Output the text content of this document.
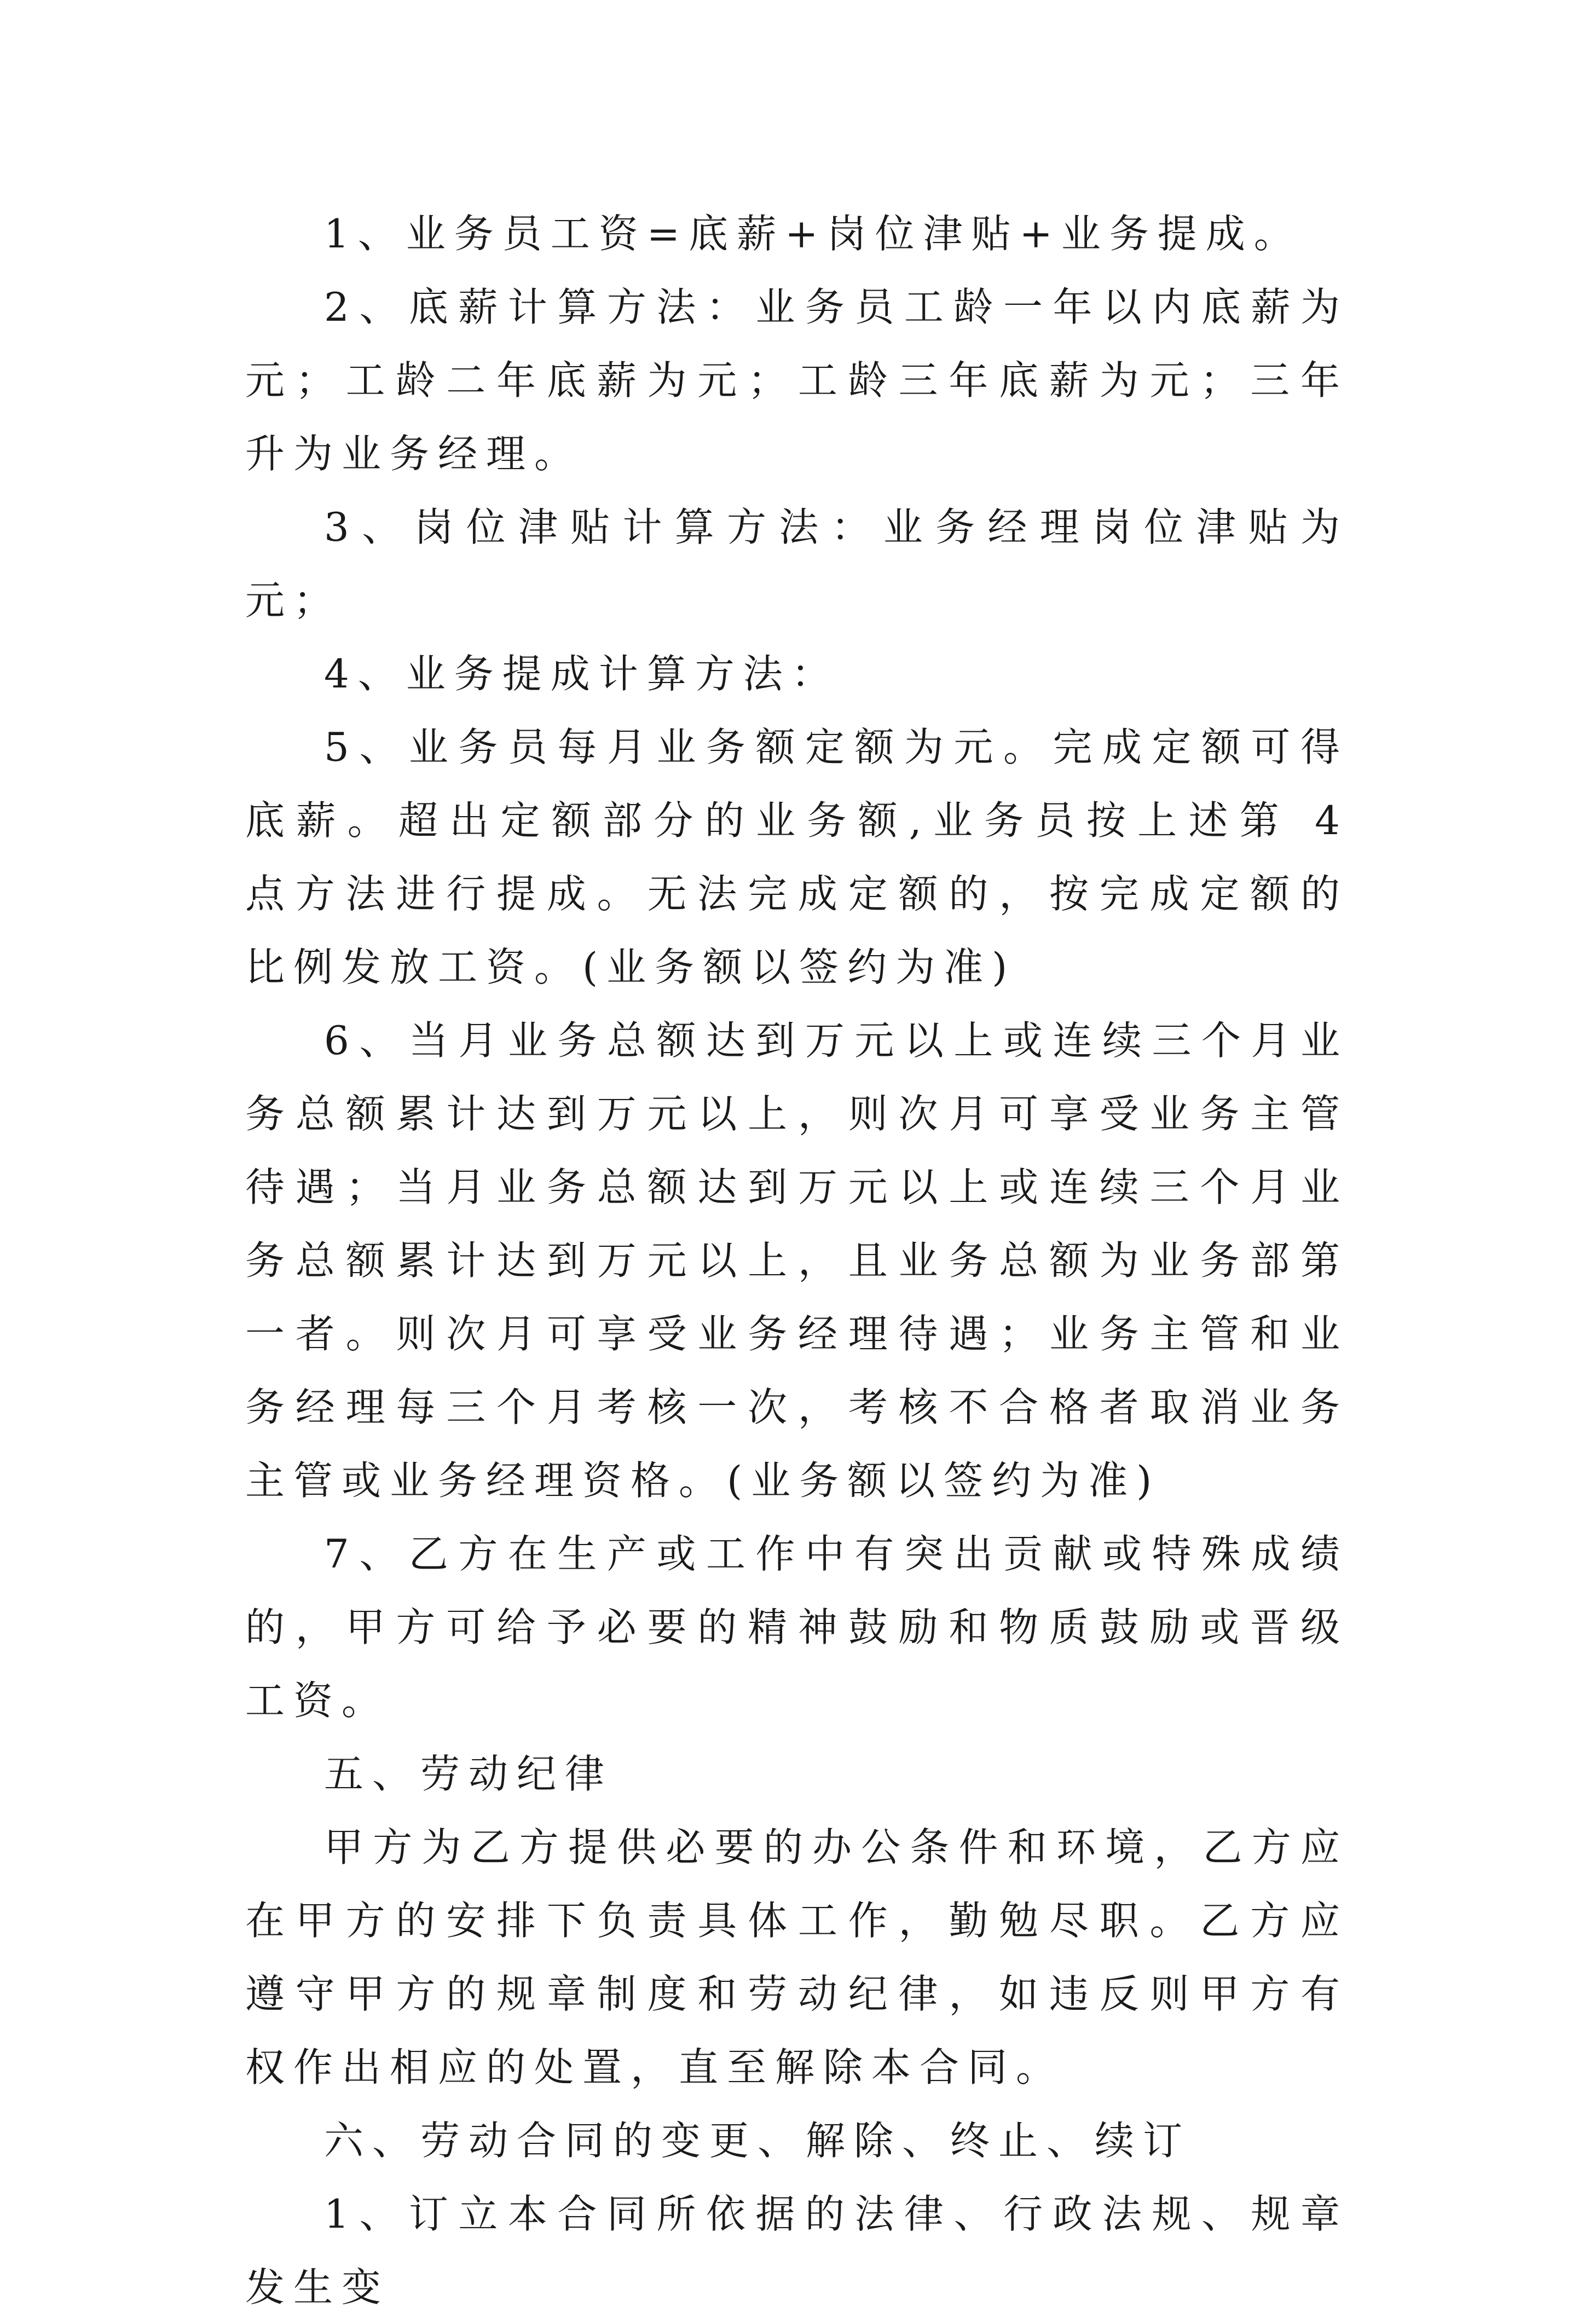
1、业务员工资=底薪+岗位津贴+业务提成。

2、底薪计算方法：业务员工龄一年以内底薪为元；工龄二年底薪为元；工龄三年底薪为元；三年升为业务经理。

3、岗位津贴计算方法：业务经理岗位津贴为元；

4、业务提成计算方法：

5、业务员每月业务额定额为元。完成定额可得底薪。超出定额部分的业务额,业务员按上述第 4 点方法进行提成。无法完成定额的，按完成定额的比例发放工资。(业务额以签约为准)

6、当月业务总额达到万元以上或连续三个月业务总额累计达到万元以上，则次月可享受业务主管待遇；当月业务总额达到万元以上或连续三个月业务总额累计达到万元以上，且业务总额为业务部第一者。则次月可享受业务经理待遇；业务主管和业务经理每三个月考核一次，考核不合格者取消业务主管或业务经理资格。(业务额以签约为准)

7、乙方在生产或工作中有突出贡献或特殊成绩的，甲方可给予必要的精神鼓励和物质鼓励或晋级工资。

五、劳动纪律

甲方为乙方提供必要的办公条件和环境，乙方应在甲方的安排下负责具体工作，勤勉尽职。乙方应遵守甲方的规章制度和劳动纪律，如违反则甲方有权作出相应的处置，直至解除本合同。

六、劳动合同的变更、解除、终止、续订

1、订立本合同所依据的法律、行政法规、规章发生变
